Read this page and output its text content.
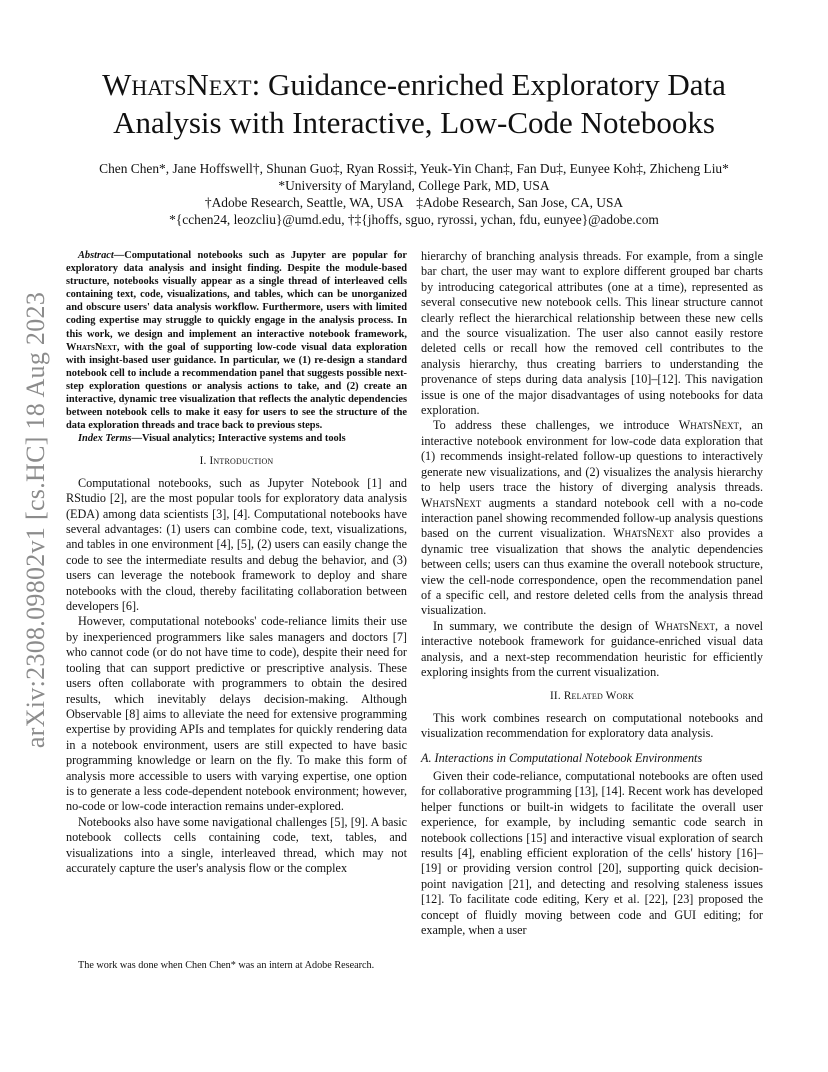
arXiv:2308.09802v1 [cs.HC] 18 Aug 2023
WhatsNext: Guidance-enriched Exploratory Data Analysis with Interactive, Low-Code Notebooks
Chen Chen*, Jane Hoffswell†, Shunan Guo‡, Ryan Rossi‡, Yeuk-Yin Chan‡, Fan Du‡, Eunyee Koh‡, Zhicheng Liu*
*University of Maryland, College Park, MD, USA
†Adobe Research, Seattle, WA, USA    ‡Adobe Research, San Jose, CA, USA
*{cchen24, leozcliu}@umd.edu, †‡{jhoffs, sguo, ryrossi, ychan, fdu, eunyee}@adobe.com

Abstract—Computational notebooks such as Jupyter are popular for exploratory data analysis and insight finding. Despite the module-based structure, notebooks visually appear as a single thread of interleaved cells containing text, code, visualizations, and tables, which can be unorganized and obscure users' data analysis workflow. Furthermore, users with limited coding expertise may struggle to quickly engage in the analysis process. In this work, we design and implement an interactive notebook framework, WhatsNext, with the goal of supporting low-code visual data exploration with insight-based user guidance. In particular, we (1) re-design a standard notebook cell to include a recommendation panel that suggests possible next-step exploration questions or analysis actions to take, and (2) create an interactive, dynamic tree visualization that reflects the analytic dependencies between notebook cells to make it easy for users to see the structure of the data exploration threads and trace back to previous steps.

Index Terms—Visual analytics; Interactive systems and tools

I. Introduction

Computational notebooks, such as Jupyter Notebook [1] and RStudio [2], are the most popular tools for exploratory data analysis (EDA) among data scientists [3], [4]. Computational notebooks have several advantages: (1) users can combine code, text, visualizations, and tables in one environment [4], [5], (2) users can easily change the code to see the intermediate results and debug the behavior, and (3) users can leverage the notebook framework to deploy and share notebooks with the cloud, thereby facilitating collaboration between developers [6].

However, computational notebooks' code-reliance limits their use by inexperienced programmers like sales managers and doctors [7] who cannot code (or do not have time to code), despite their need for tooling that can support predictive or prescriptive analysis. These users often collaborate with programmers to obtain the desired results, which inevitably delays decision-making. Although Observable [8] aims to alleviate the need for extensive programming expertise by providing APIs and templates for quickly rendering data in a notebook environment, users are still expected to have basic programming knowledge or learn on the fly. To make this form of analysis more accessible to users with varying expertise, one option is to generate a less code-dependent notebook environment; however, no-code or low-code interaction remains under-explored.

Notebooks also have some navigational challenges [5], [9]. A basic notebook collects cells containing code, text, tables, and visualizations into a single, interleaved thread, which may not accurately capture the user's analysis flow or the complex

The work was done when Chen Chen* was an intern at Adobe Research.

hierarchy of branching analysis threads. For example, from a single bar chart, the user may want to explore different grouped bar charts by introducing categorical attributes (one at a time), represented as several consecutive new notebook cells. This linear structure cannot clearly reflect the hierarchical relationship between these new cells and the source visualization. The user also cannot easily restore deleted cells or recall how the removed cell contributes to the analysis hierarchy, thus creating barriers to understanding the provenance of steps during data analysis [10]–[12]. This navigation issue is one of the major disadvantages of using notebooks for data exploration.

To address these challenges, we introduce WhatsNext, an interactive notebook environment for low-code data exploration that (1) recommends insight-related follow-up questions to interactively generate new visualizations, and (2) visualizes the analysis hierarchy to help users trace the history of diverging analysis threads. WhatsNext augments a standard notebook cell with a no-code interaction panel showing recommended follow-up analysis questions based on the current visualization. WhatsNext also provides a dynamic tree visualization that shows the analytic dependencies between cells; users can thus examine the overall notebook structure, view the cell-node correspondence, open the recommendation panel of a specific cell, and restore deleted cells from the analysis thread visualization.

In summary, we contribute the design of WhatsNext, a novel interactive notebook framework for guidance-enriched visual data analysis, and a next-step recommendation heuristic for efficiently exploring insights from the current visualization.

II. Related Work

This work combines research on computational notebooks and visualization recommendation for exploratory data analysis.

A. Interactions in Computational Notebook Environments

Given their code-reliance, computational notebooks are often used for collaborative programming [13], [14]. Recent work has developed helper functions or built-in widgets to facilitate the overall user experience, for example, by including semantic code search in notebook collections [15] and interactive visual exploration of search results [4], enabling efficient exploration of the cells' history [16]–[19] or providing version control [20], supporting quick decision-point navigation [21], and detecting and resolving staleness issues [12]. To facilitate code editing, Kery et al. [22], [23] proposed the concept of fluidly moving between code and GUI editing; for example, when a user
